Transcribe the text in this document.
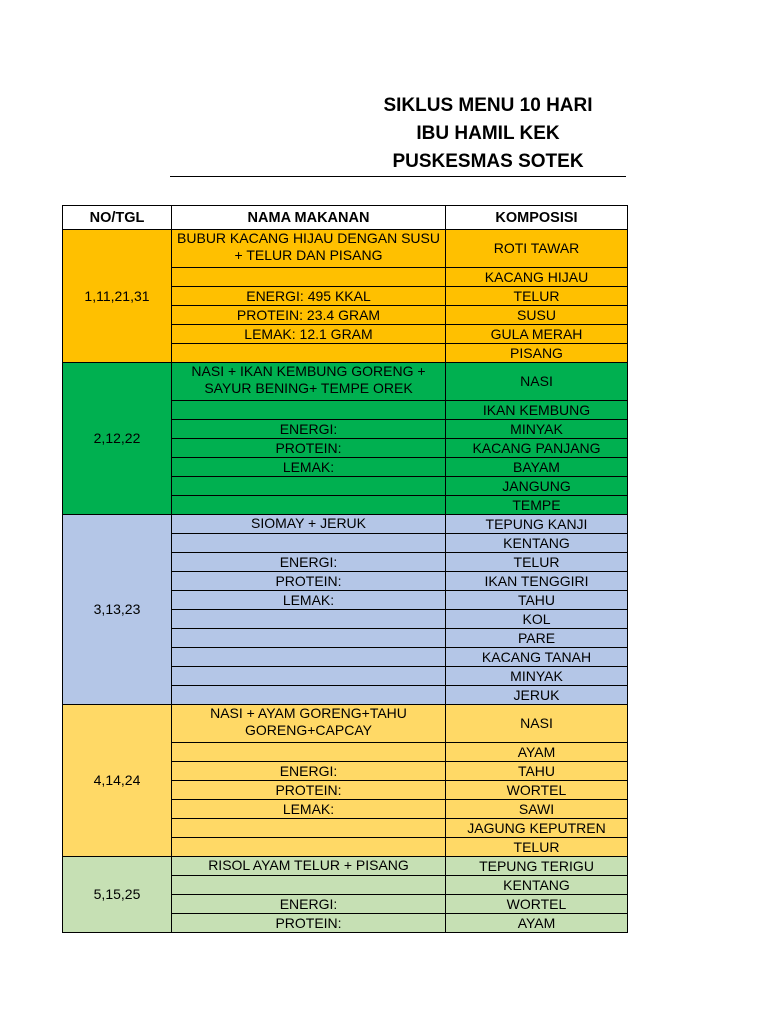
SIKLUS MENU 10 HARI
IBU HAMIL KEK
PUSKESMAS SOTEK
NO/TGL	NAMA MAKANAN	KOMPOSISI
1,11,21,31	BUBUR KACANG HIJAU DENGAN SUSU + TELUR DAN PISANG	ROTI TAWAR
		KACANG HIJAU
	ENERGI: 495 KKAL	TELUR
	PROTEIN: 23.4 GRAM	SUSU
	LEMAK: 12.1 GRAM	GULA MERAH
		PISANG
2,12,22	NASI + IKAN KEMBUNG GORENG + SAYUR BENING+ TEMPE OREK	NASI
		IKAN KEMBUNG
	ENERGI:	MINYAK
	PROTEIN:	KACANG PANJANG
	LEMAK:	BAYAM
		JANGUNG
		TEMPE
3,13,23	SIOMAY + JERUK	TEPUNG KANJI
		KENTANG
	ENERGI:	TELUR
	PROTEIN:	IKAN TENGGIRI
	LEMAK:	TAHU
		KOL
		PARE
		KACANG TANAH
		MINYAK
		JERUK
4,14,24	NASI + AYAM GORENG+TAHU GORENG+CAPCAY	NASI
		AYAM
	ENERGI:	TAHU
	PROTEIN:	WORTEL
	LEMAK:	SAWI
		JAGUNG KEPUTREN
		TELUR
5,15,25	RISOL AYAM TELUR + PISANG	TEPUNG TERIGU
		KENTANG
	ENERGI:	WORTEL
	PROTEIN:	AYAM
